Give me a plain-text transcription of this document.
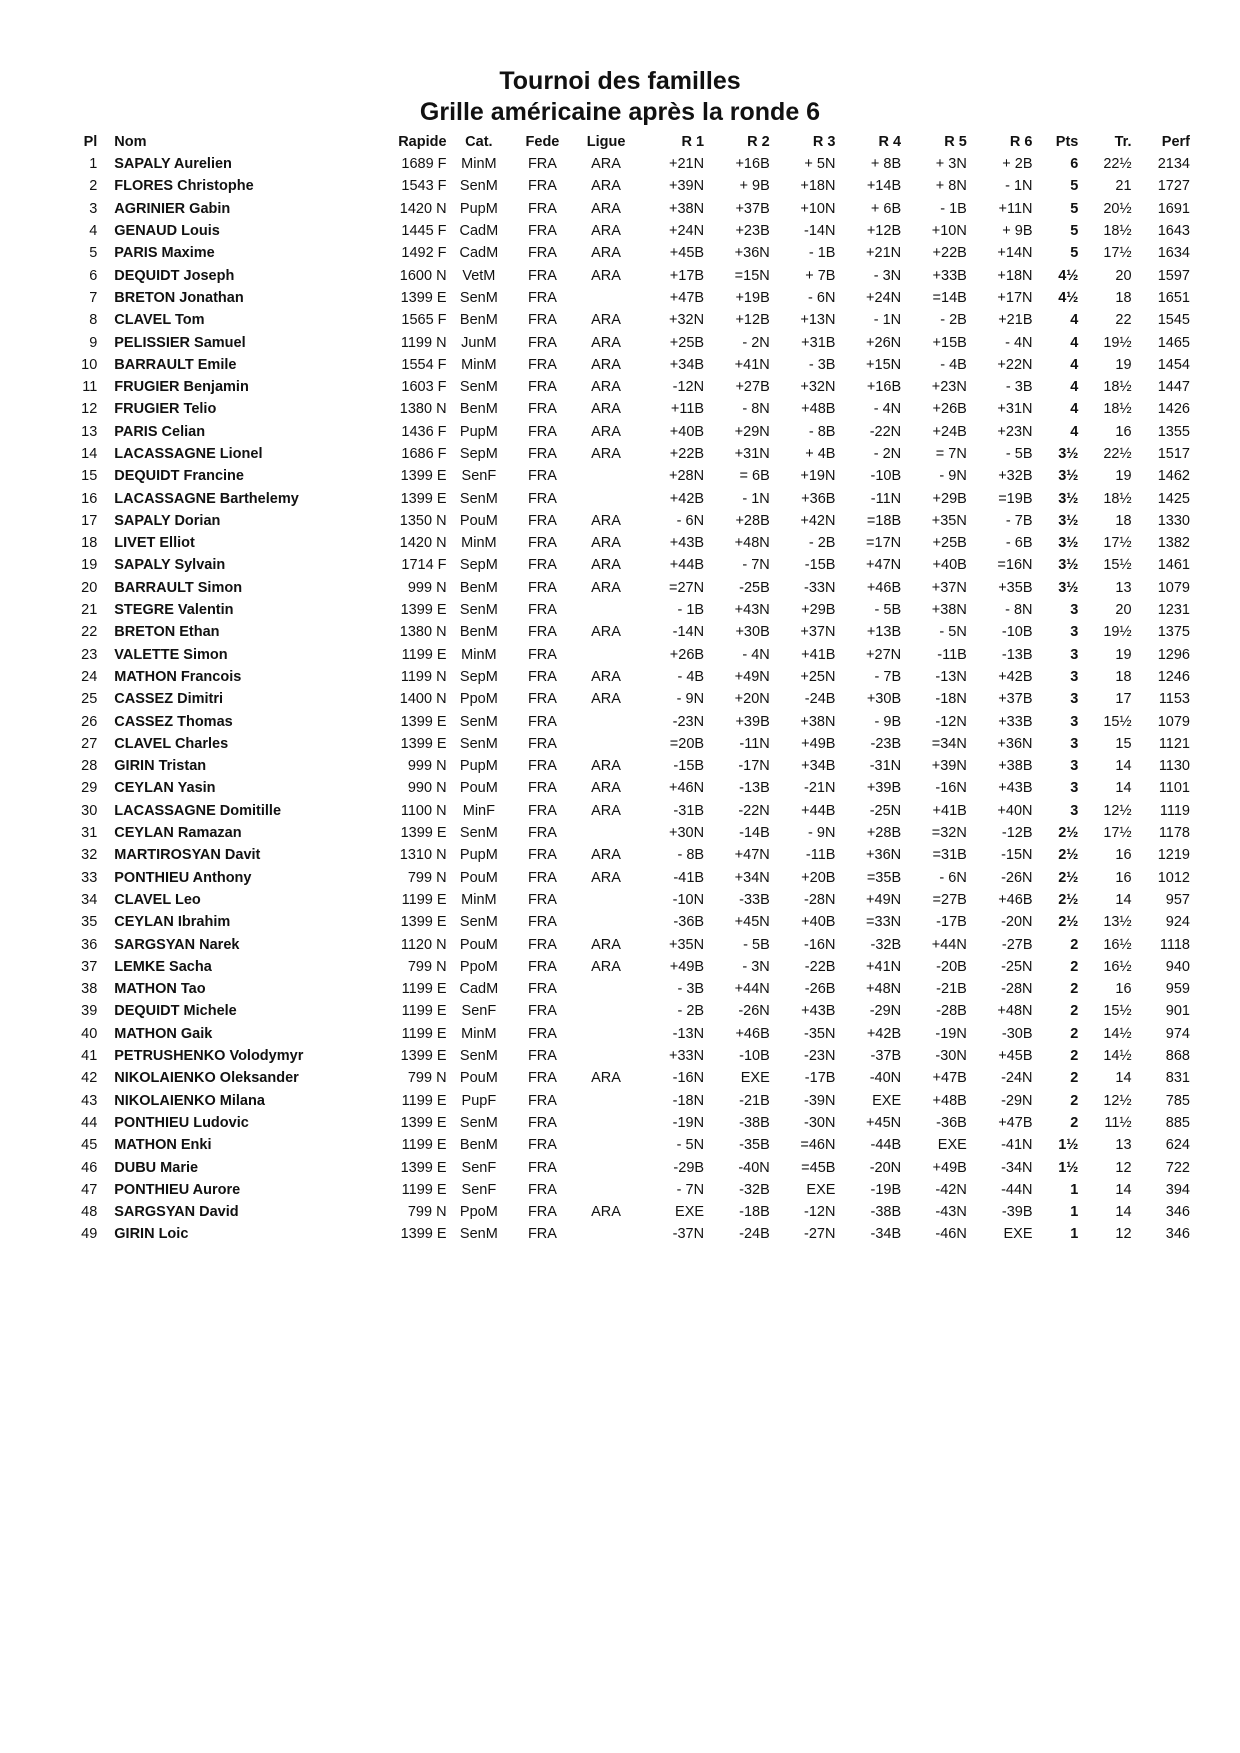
Tournoi des familles
Grille américaine après la ronde 6
Pl	Nom	Rapide	Cat.	Fede	Ligue	R 1	R 2	R 3	R 4	R 5	R 6	Pts	Tr.	Perf
1	SAPALY Aurelien	1689 F	MinM	FRA	ARA	+21N	+16B	+ 5N	+ 8B	+ 3N	+ 2B	6	22½	2134
2	FLORES Christophe	1543 F	SenM	FRA	ARA	+39N	+ 9B	+18N	+14B	+ 8N	- 1N	5	21	1727
3	AGRINIER Gabin	1420 N	PupM	FRA	ARA	+38N	+37B	+10N	+ 6B	- 1B	+11N	5	20½	1691
4	GENAUD Louis	1445 F	CadM	FRA	ARA	+24N	+23B	-14N	+12B	+10N	+ 9B	5	18½	1643
5	PARIS Maxime	1492 F	CadM	FRA	ARA	+45B	+36N	- 1B	+21N	+22B	+14N	5	17½	1634
6	DEQUIDT Joseph	1600 N	VetM	FRA	ARA	+17B	=15N	+ 7B	- 3N	+33B	+18N	4½	20	1597
7	BRETON Jonathan	1399 E	SenM	FRA		+47B	+19B	- 6N	+24N	=14B	+17N	4½	18	1651
8	CLAVEL Tom	1565 F	BenM	FRA	ARA	+32N	+12B	+13N	- 1N	- 2B	+21B	4	22	1545
9	PELISSIER Samuel	1199 N	JunM	FRA	ARA	+25B	- 2N	+31B	+26N	+15B	- 4N	4	19½	1465
10	BARRAULT Emile	1554 F	MinM	FRA	ARA	+34B	+41N	- 3B	+15N	- 4B	+22N	4	19	1454
11	FRUGIER Benjamin	1603 F	SenM	FRA	ARA	-12N	+27B	+32N	+16B	+23N	- 3B	4	18½	1447
12	FRUGIER Telio	1380 N	BenM	FRA	ARA	+11B	- 8N	+48B	- 4N	+26B	+31N	4	18½	1426
13	PARIS Celian	1436 F	PupM	FRA	ARA	+40B	+29N	- 8B	-22N	+24B	+23N	4	16	1355
14	LACASSAGNE Lionel	1686 F	SepM	FRA	ARA	+22B	+31N	+ 4B	- 2N	= 7N	- 5B	3½	22½	1517
15	DEQUIDT Francine	1399 E	SenF	FRA		+28N	= 6B	+19N	-10B	- 9N	+32B	3½	19	1462
16	LACASSAGNE Barthelemy	1399 E	SenM	FRA		+42B	- 1N	+36B	-11N	+29B	=19B	3½	18½	1425
17	SAPALY Dorian	1350 N	PouM	FRA	ARA	- 6N	+28B	+42N	=18B	+35N	- 7B	3½	18	1330
18	LIVET Elliot	1420 N	MinM	FRA	ARA	+43B	+48N	- 2B	=17N	+25B	- 6B	3½	17½	1382
19	SAPALY Sylvain	1714 F	SepM	FRA	ARA	+44B	- 7N	-15B	+47N	+40B	=16N	3½	15½	1461
20	BARRAULT Simon	999 N	BenM	FRA	ARA	=27N	-25B	-33N	+46B	+37N	+35B	3½	13	1079
21	STEGRE Valentin	1399 E	SenM	FRA		- 1B	+43N	+29B	- 5B	+38N	- 8N	3	20	1231
22	BRETON Ethan	1380 N	BenM	FRA	ARA	-14N	+30B	+37N	+13B	- 5N	-10B	3	19½	1375
23	VALETTE Simon	1199 E	MinM	FRA		+26B	- 4N	+41B	+27N	-11B	-13B	3	19	1296
24	MATHON Francois	1199 N	SepM	FRA	ARA	- 4B	+49N	+25N	- 7B	-13N	+42B	3	18	1246
25	CASSEZ Dimitri	1400 N	PpoM	FRA	ARA	- 9N	+20N	-24B	+30B	-18N	+37B	3	17	1153
26	CASSEZ Thomas	1399 E	SenM	FRA		-23N	+39B	+38N	- 9B	-12N	+33B	3	15½	1079
27	CLAVEL Charles	1399 E	SenM	FRA		=20B	-11N	+49B	-23B	=34N	+36N	3	15	1121
28	GIRIN Tristan	999 N	PupM	FRA	ARA	-15B	-17N	+34B	-31N	+39N	+38B	3	14	1130
29	CEYLAN Yasin	990 N	PouM	FRA	ARA	+46N	-13B	-21N	+39B	-16N	+43B	3	14	1101
30	LACASSAGNE Domitille	1100 N	MinF	FRA	ARA	-31B	-22N	+44B	-25N	+41B	+40N	3	12½	1119
31	CEYLAN Ramazan	1399 E	SenM	FRA		+30N	-14B	- 9N	+28B	=32N	-12B	2½	17½	1178
32	MARTIROSYAN Davit	1310 N	PupM	FRA	ARA	- 8B	+47N	-11B	+36N	=31B	-15N	2½	16	1219
33	PONTHIEU Anthony	799 N	PouM	FRA	ARA	-41B	+34N	+20B	=35B	- 6N	-26N	2½	16	1012
34	CLAVEL Leo	1199 E	MinM	FRA		-10N	-33B	-28N	+49N	=27B	+46B	2½	14	957
35	CEYLAN Ibrahim	1399 E	SenM	FRA		-36B	+45N	+40B	=33N	-17B	-20N	2½	13½	924
36	SARGSYAN Narek	1120 N	PouM	FRA	ARA	+35N	- 5B	-16N	-32B	+44N	-27B	2	16½	1118
37	LEMKE Sacha	799 N	PpoM	FRA	ARA	+49B	- 3N	-22B	+41N	-20B	-25N	2	16½	940
38	MATHON Tao	1199 E	CadM	FRA		- 3B	+44N	-26B	+48N	-21B	-28N	2	16	959
39	DEQUIDT Michele	1199 E	SenF	FRA		- 2B	-26N	+43B	-29N	-28B	+48N	2	15½	901
40	MATHON Gaik	1199 E	MinM	FRA		-13N	+46B	-35N	+42B	-19N	-30B	2	14½	974
41	PETRUSHENKO Volodymyr	1399 E	SenM	FRA		+33N	-10B	-23N	-37B	-30N	+45B	2	14½	868
42	NIKOLAIENKO Oleksander	799 N	PouM	FRA	ARA	-16N	EXE	-17B	-40N	+47B	-24N	2	14	831
43	NIKOLAIENKO Milana	1199 E	PupF	FRA		-18N	-21B	-39N	EXE	+48B	-29N	2	12½	785
44	PONTHIEU Ludovic	1399 E	SenM	FRA		-19N	-38B	-30N	+45N	-36B	+47B	2	11½	885
45	MATHON Enki	1199 E	BenM	FRA		- 5N	-35B	=46N	-44B	EXE	-41N	1½	13	624
46	DUBU Marie	1399 E	SenF	FRA		-29B	-40N	=45B	-20N	+49B	-34N	1½	12	722
47	PONTHIEU Aurore	1199 E	SenF	FRA		- 7N	-32B	EXE	-19B	-42N	-44N	1	14	394
48	SARGSYAN David	799 N	PpoM	FRA	ARA	EXE	-18B	-12N	-38B	-43N	-39B	1	14	346
49	GIRIN Loic	1399 E	SenM	FRA		-37N	-24B	-27N	-34B	-46N	EXE	1	12	346
